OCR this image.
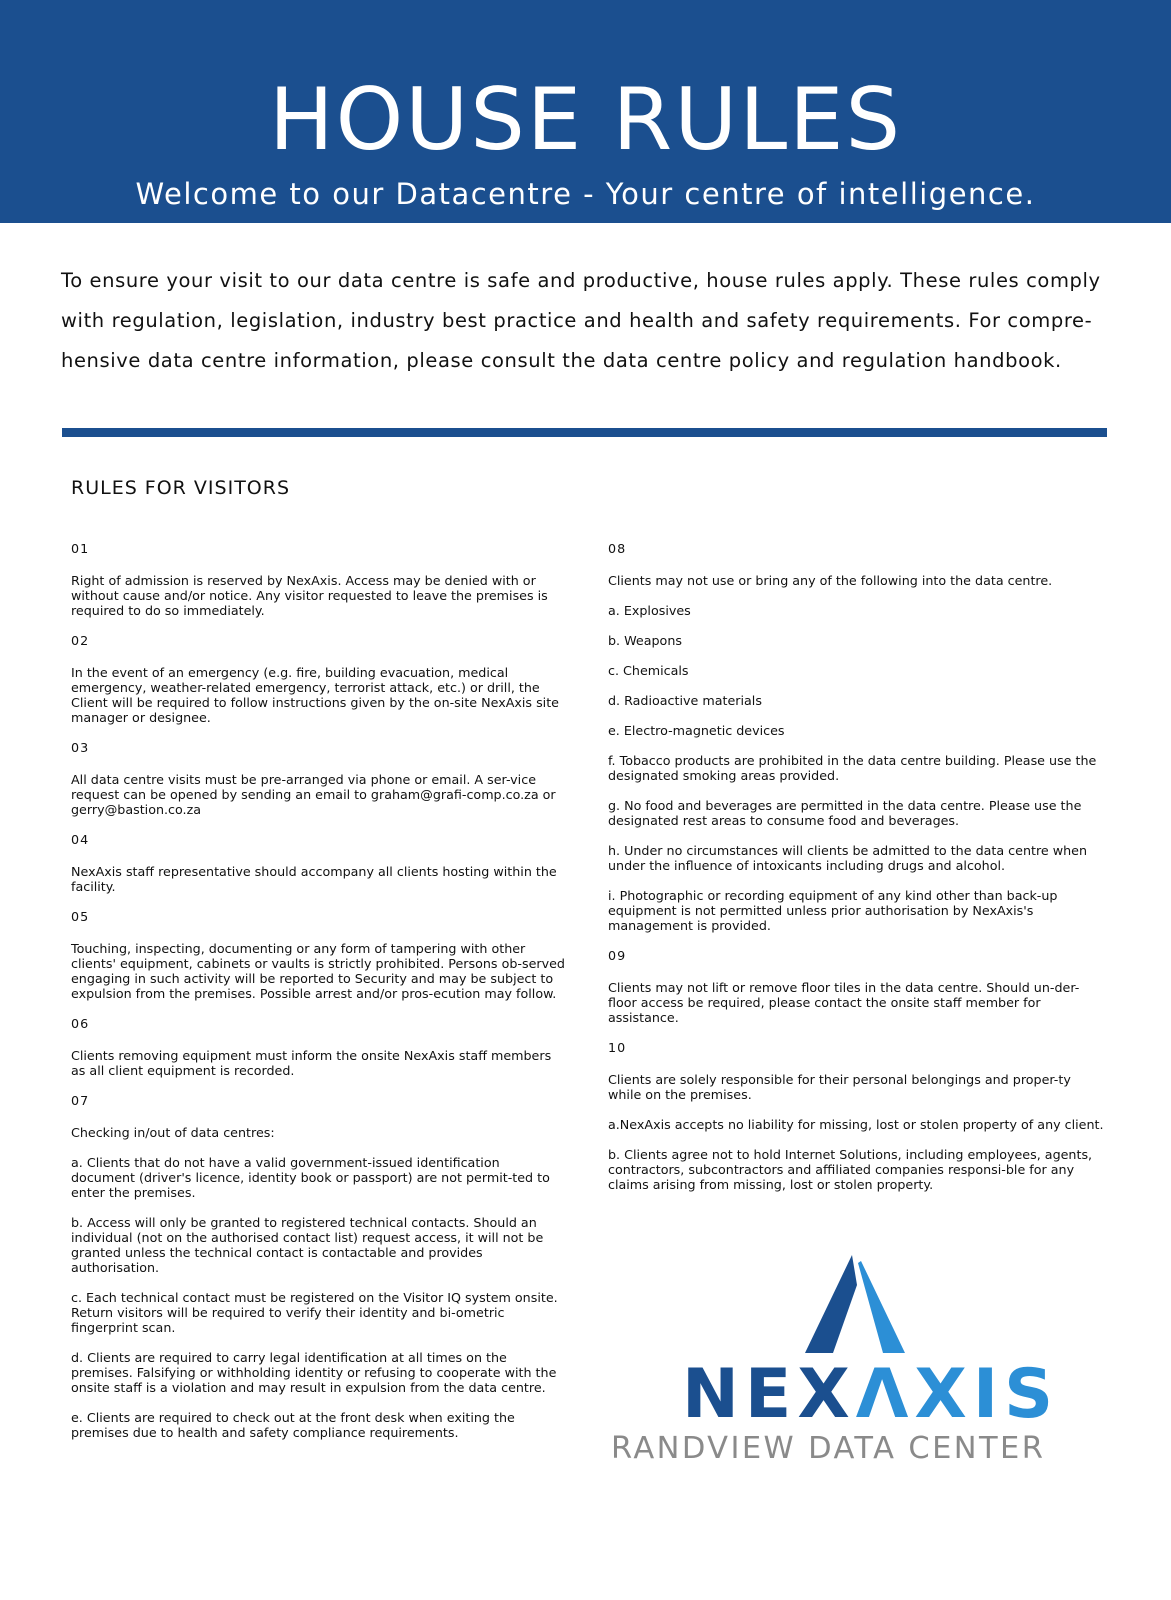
HOUSE RULES
Welcome to our Datacentre - Your centre of intelligence.
To ensure your visit to our data centre is safe and productive, house rules apply. These rules comply with regulation, legislation, industry best practice and health and safety requirements. For compre-hensive data centre information, please consult the data centre policy and regulation handbook.
RULES FOR VISITORS

01

Right of admission is reserved by NexAxis. Access may be denied with or without cause and/or notice. Any visitor requested to leave the premises is required to do so immediately.

02

In the event of an emergency (e.g. fire, building evacuation, medical emergency, weather-related emergency, terrorist attack, etc.) or drill, the Client will be required to follow instructions given by the on-site NexAxis site manager or designee.

03

All data centre visits must be pre-arranged via phone or email. A ser-vice request can be opened by sending an email to graham@grafi-comp.co.za or gerry@bastion.co.za

04

NexAxis staff representative should accompany all clients hosting within the facility.

05

Touching, inspecting, documenting or any form of tampering with other clients' equipment, cabinets or vaults is strictly prohibited. Persons ob-served engaging in such activity will be reported to Security and may be subject to expulsion from the premises. Possible arrest and/or pros-ecution may follow.

06

Clients removing equipment must inform the onsite NexAxis staff members as all client equipment is recorded.

07

Checking in/out of data centres:

a. Clients that do not have a valid government-issued identification document (driver's licence, identity book or passport) are not permit-ted to enter the premises.

b. Access will only be granted to registered technical contacts. Should an individual (not on the authorised contact list) request access, it will not be granted unless the technical contact is contactable and provides authorisation.

c. Each technical contact must be registered on the Visitor IQ system onsite. Return visitors will be required to verify their identity and bi-ometric fingerprint scan.

d. Clients are required to carry legal identification at all times on the premises. Falsifying or withholding identity or refusing to cooperate with the onsite staff is a violation and may result in expulsion from the data centre.

e. Clients are required to check out at the front desk when exiting the premises due to health and safety compliance requirements.

08

Clients may not use or bring any of the following into the data centre.

a. Explosives

b. Weapons

c. Chemicals

d. Radioactive materials

e. Electro-magnetic devices

f. Tobacco products are prohibited in the data centre building. Please use the designated smoking areas provided.

g. No food and beverages are permitted in the data centre. Please use the designated rest areas to consume food and beverages.

h. Under no circumstances will clients be admitted to the data centre when under the influence of intoxicants including drugs and alcohol.

i. Photographic or recording equipment of any kind other than back-up equipment is not permitted unless prior authorisation by NexAxis's management is provided.

09

Clients may not lift or remove floor tiles in the data centre. Should un-der-floor access be required, please contact the onsite staff member for assistance.

10

Clients are solely responsible for their personal belongings and proper-ty while on the premises.

a.NexAxis accepts no liability for missing, lost or stolen property of any client.

b. Clients agree not to hold Internet Solutions, including employees, agents, contractors, subcontractors and affiliated companies responsi-ble for any claims arising from missing, lost or stolen property.

NEXΛXIS
RANDVIEW DATA CENTER
